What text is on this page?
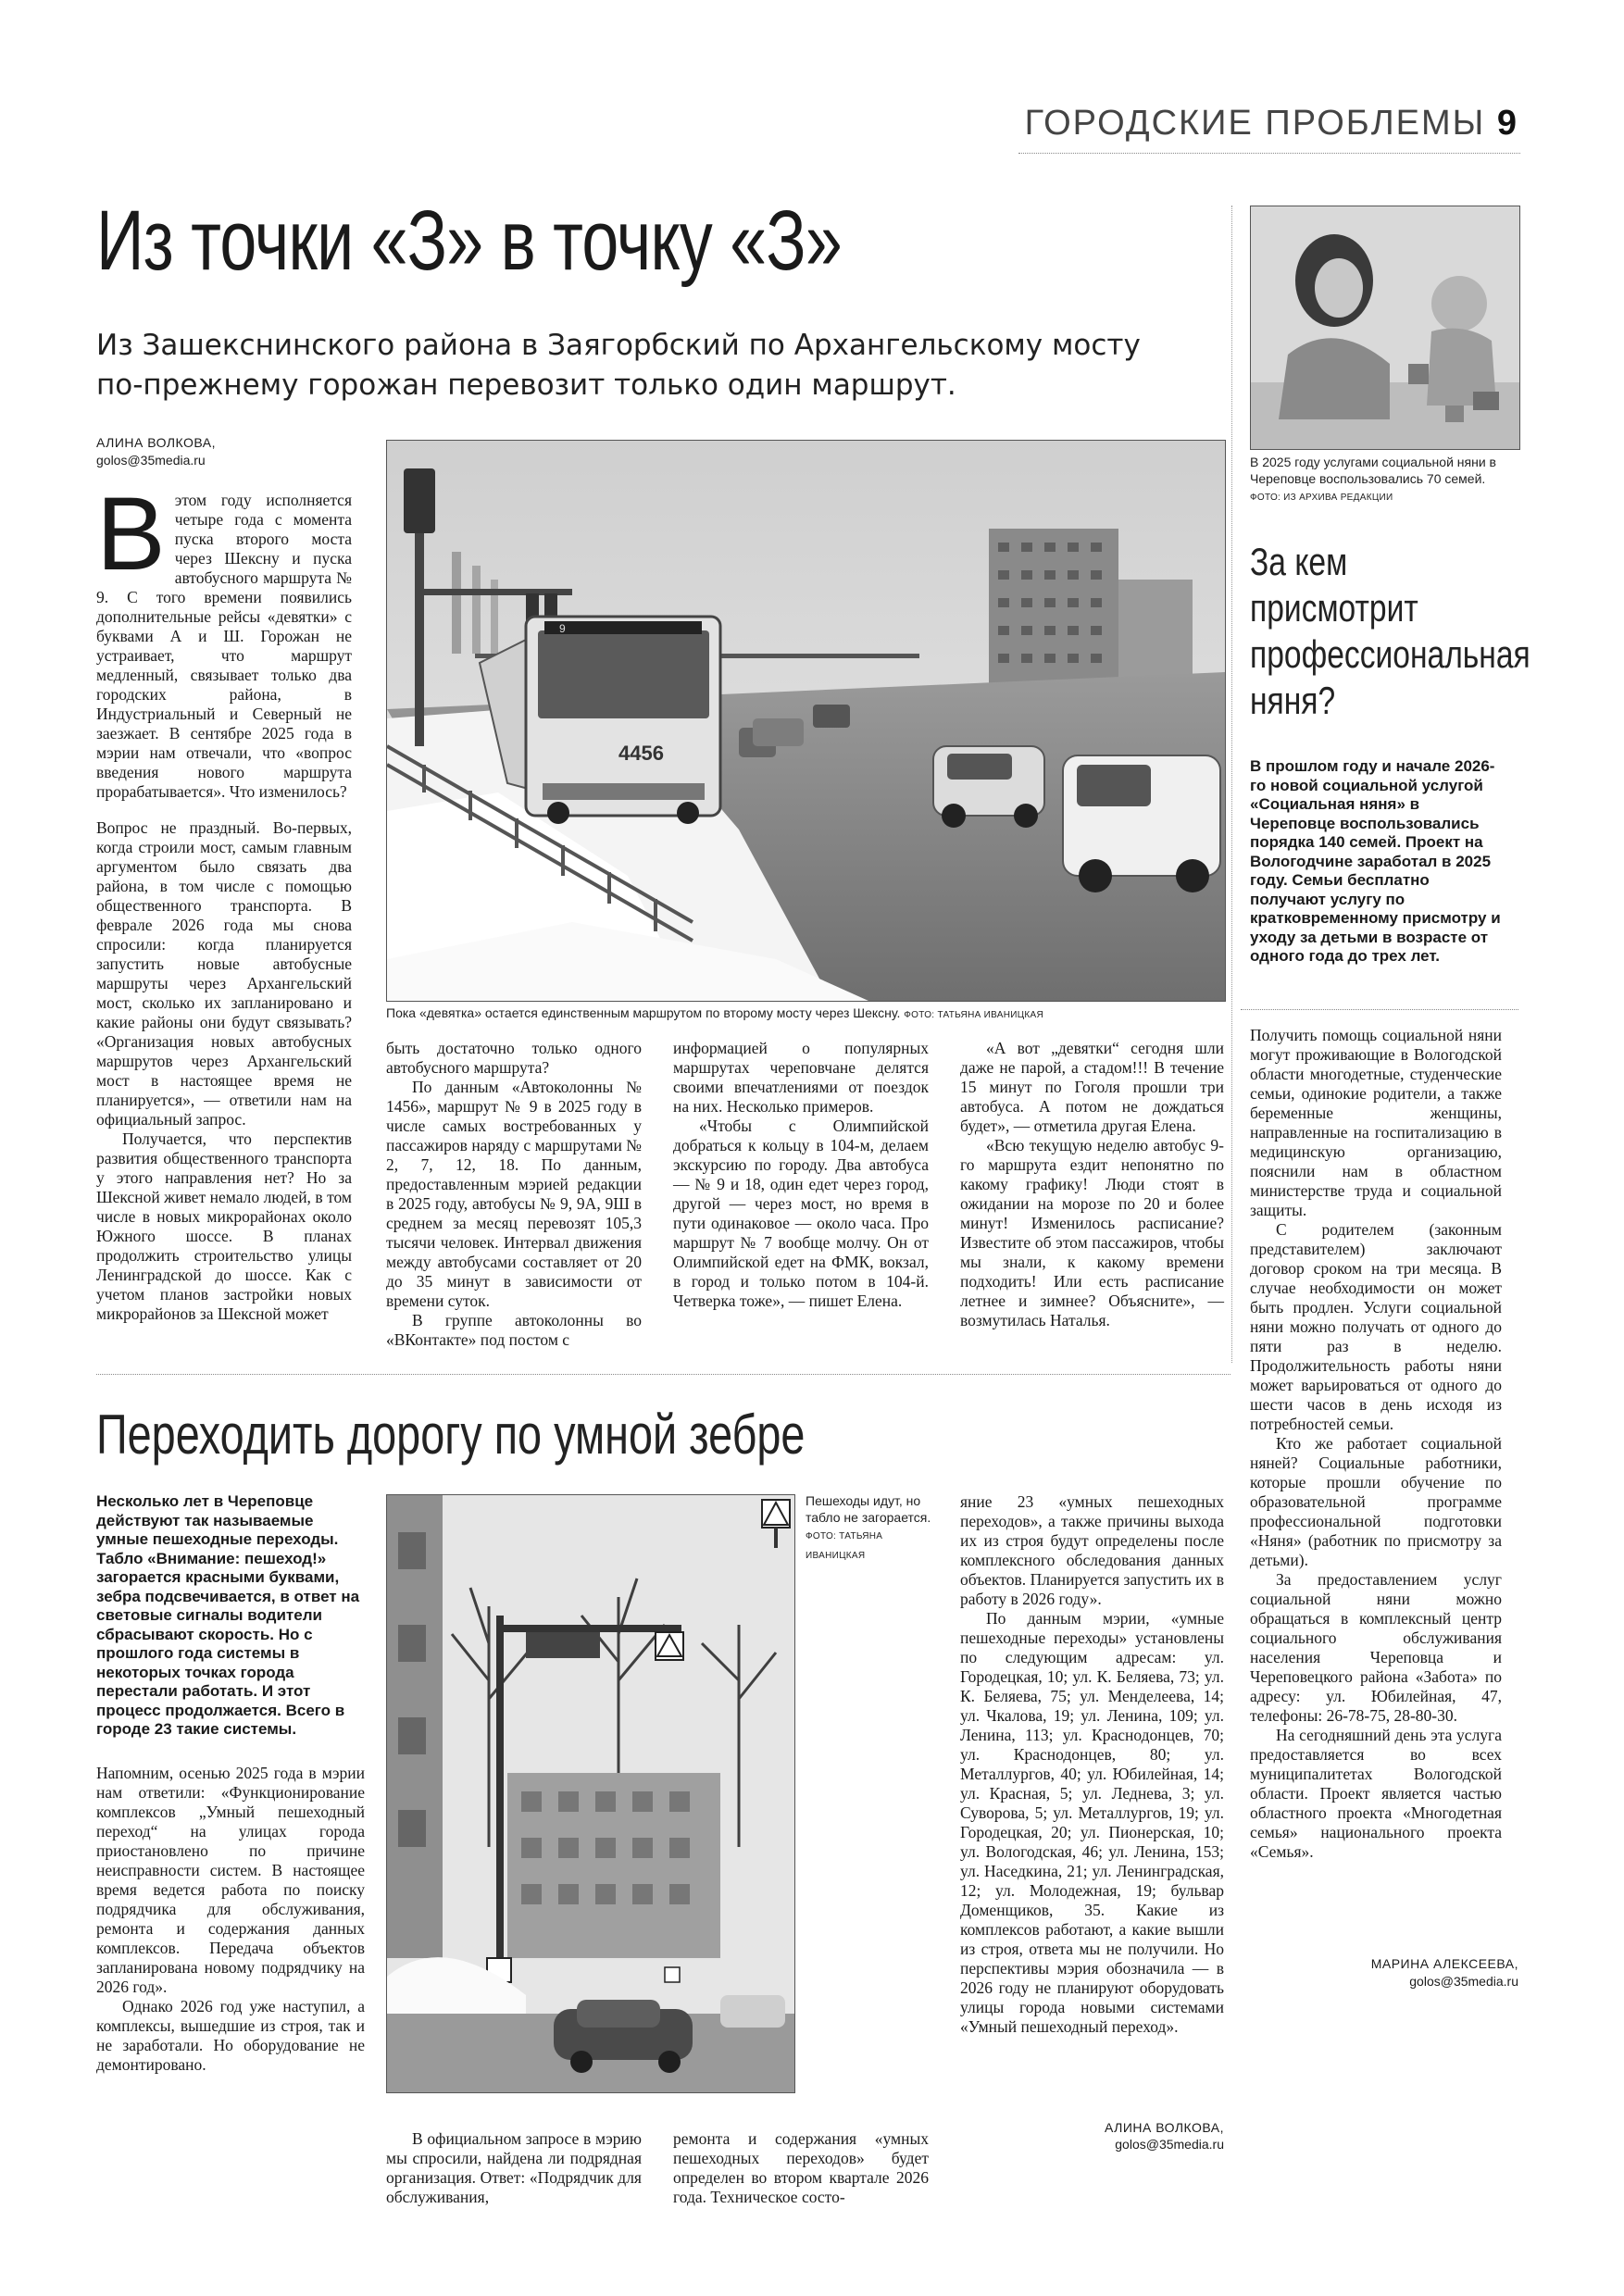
ГОРОДСКИЕ ПРОБЛЕМЫ 9
Из точки «З» в точку «З»
Из Зашекснинского района в Заягорбский по Архангельскому мосту
по-прежнему горожан перевозит только один маршрут.
АЛИНА ВОЛКОВА,
golos@35media.ru

Вэтом году исполняется четыре года с момента пуска второго моста через Шексну и пуска автобусного маршрута № 9. С того времени появились дополнительные рейсы «девятки» с буквами А и Ш. Горожан не устраивает, что маршрут медленный, связывает только два городских района, в Индустриальный и Северный не заезжает. В сентябре 2025 года в мэрии нам отвечали, что «вопрос введения нового маршрута прорабатывается». Что изменилось?

Вопрос не праздный. Во-первых, когда строили мост, самым главным аргументом было связать два района, в том числе с помощью общественного транспорта. В феврале 2026 года мы снова спросили: когда планируется запустить новые автобусные маршруты через Архангельский мост, сколько их запланировано и какие районы они будут связывать? «Организация новых автобусных маршрутов через Архангельский мост в настоящее время не планируется», — ответили нам на официальный запрос.

Получается, что перспектив развития общественного транспорта у этого направления нет? Но за Шексной живет немало людей, в том числе в новых микрорайонах около Южного шоссе. В планах продолжить строительство улицы Ленинградской до шоссе. Как с учетом планов застройки новых микрорайонов за Шексной может

9
4456
Пока «девятка» остается единственным маршрутом по второму мосту через Шексну. ФОТО: ТАТЬЯНА ИВАНИЦКАЯ

быть достаточно только одного автобусного маршрута?

По данным «Автоколонны № 1456», маршрут № 9 в 2025 году в числе самых востребованных у пассажиров наряду с маршрутами № 2, 7, 12, 18. По данным, предоставленным мэрией редакции в 2025 году, автобусы № 9, 9А, 9Ш в среднем за месяц перевозят 105,3 тысячи человек. Интервал движения между автобусами составляет от 20 до 35 минут в зависимости от времени суток.

В группе автоколонны во «ВКонтакте» под постом с

информацией о популярных маршрутах череповчане делятся своими впечатлениями от поездок на них. Несколько примеров.

«Чтобы с Олимпийской добраться к кольцу в 104-м, делаем экскурсию по городу. Два автобуса — № 9 и 18, один едет через город, другой — через мост, но время в пути одинаковое — около часа. Про маршрут № 7 вообще молчу. Он от Олимпийской едет на ФМК, вокзал, в город и только потом в 104-й. Четверка тоже», — пишет Елена.

«А вот „девятки“ сегодня шли даже не парой, а стадом!!! В течение 15 минут по Гоголя прошли три автобуса. А потом не дождаться будет», — отметила другая Елена.

«Всю текущую неделю автобус 9-го маршрута ездит непонятно по какому графику! Люди стоят в ожидании на морозе по 20 и более минут! Изменилось расписание? Известите об этом пассажиров, чтобы мы знали, к какому времени подходить! Или есть расписание летнее и зимнее? Объясните», — возмутилась Наталья.

В 2025 году услугами социальной няни в Череповце воспользовались 70 семей. ФОТО: ИЗ АРХИВА РЕДАКЦИИ
За кем
присмотрит
профессиональная
няня?
В прошлом году и начале 2026-го новой социальной услугой «Социальная няня» в Череповце воспользовались порядка 140 семей. Проект на Вологодчине заработал в 2025 году. Семьи бесплатно получают услугу по кратковременному присмотру и уходу за детьми в возрасте от одного года до трех лет.

Получить помощь социальной няни могут проживающие в Вологодской области многодетные, студенческие семьи, одинокие родители, а также беременные женщины, направленные на госпитализацию в медицинскую организацию, пояснили нам в областном министерстве труда и социальной защиты.

С родителем (законным представителем) заключают договор сроком на три месяца. В случае необходимости он может быть продлен. Услуги социальной няни можно получать от одного до пяти раз в неделю. Продолжительность работы няни может варьироваться от одного до шести часов в день исходя из потребностей семьи.

Кто же работает социальной няней? Социальные работники, которые прошли обучение по образовательной программе профессиональной подготовки «Няня» (работник по присмотру за детьми).

За предоставлением услуг социальной няни можно обращаться в комплексный центр социального обслуживания населения Череповца и Череповецкого района «Забота» по адресу: ул. Юбилейная, 47, телефоны: 26-78-75, 28-80-30.

На сегодняшний день эта услуга предоставляется во всех муниципалитетах Вологодской области. Проект является частью областного проекта «Многодетная семья» национального проекта «Семья».

МАРИНА АЛЕКСЕЕВА,
golos@35media.ru
Переходить дорогу по умной зебре
Несколько лет в Череповце действуют так называемые умные пешеходные переходы. Табло «Внимание: пешеход!» загорается красными буквами, зебра подсвечивается, в ответ на световые сигналы водители сбрасывают скорость. Но с прошлого года системы в некоторых точках города перестали работать. И этот процесс продолжается. Всего в городе 23 такие системы.

Напомним, осенью 2025 года в мэрии нам ответили: «Функционирование комплексов „Умный пешеходный переход“ на улицах города приостановлено по причине неисправности систем. В настоящее время ведется работа по поиску подрядчика для обслуживания, ремонта и содержания данных комплексов. Передача объектов запланирована новому подрядчику на 2026 год».

Однако 2026 год уже наступил, а комплексы, вышедшие из строя, так и не заработали. Но оборудование не демонтировано.

Пешеходы идут, но табло не загорается. ФОТО: ТАТЬЯНА ИВАНИЦКАЯ

В официальном запросе в мэрию мы спросили, найдена ли подрядная организация. Ответ: «Подрядчик для обслуживания,

ремонта и содержания «умных пешеходных переходов» будет определен во втором квартале 2026 года. Техническое состо-

яние 23 «умных пешеходных переходов», а также причины выхода их из строя будут определены после комплексного обследования данных объектов. Планируется запустить их в работу в 2026 году».

По данным мэрии, «умные пешеходные переходы» установлены по следующим адресам: ул. Городецкая, 10; ул. К. Беляева, 73; ул. К. Беляева, 75; ул. Менделеева, 14; ул. Чкалова, 19; ул. Ленина, 109; ул. Ленина, 113; ул. Краснодонцев, 70; ул. Краснодонцев, 80; ул. Металлургов, 40; ул. Юбилейная, 14; ул. Красная, 5; ул. Леднева, 3; ул. Суворова, 5; ул. Металлургов, 19; ул. Городецкая, 20; ул. Пионерская, 10; ул. Вологодская, 46; ул. Ленина, 153; ул. Наседкина, 21; ул. Ленинградская, 12; ул. Молодежная, 19; бульвар Доменщиков, 35. Какие из комплексов работают, а какие вышли из строя, ответа мы не получили. Но перспективы мэрия обозначила — в 2026 году не планируют оборудовать улицы города новыми системами «Умный пешеходный переход».

АЛИНА ВОЛКОВА,
golos@35media.ru
